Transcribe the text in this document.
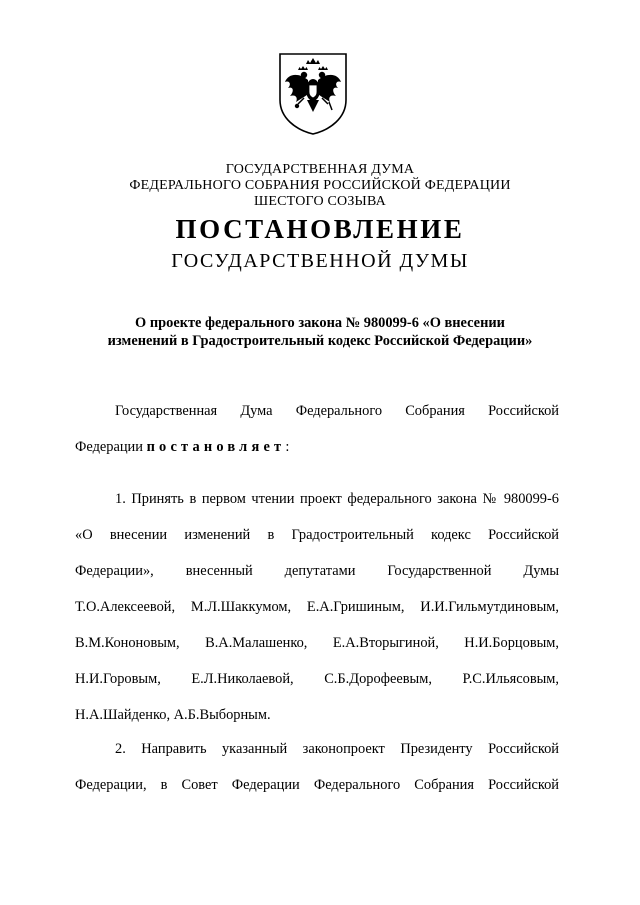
ГОСУДАРСТВЕННАЯ ДУМА
ФЕДЕРАЛЬНОГО СОБРАНИЯ РОССИЙСКОЙ ФЕДЕРАЦИИ
ШЕСТОГО СОЗЫВА
ПОСТАНОВЛЕНИЕ
ГОСУДАРСТВЕННОЙ ДУМЫ
О проекте федерального закона № 980099-6 «О внесении
изменений в Градостроительный кодекс Российской Федерации»
Государственная Дума Федерального Собрания Российской
Федерации постановляет:
1. Принять в первом чтении проект федерального закона № 980099-6
«О внесении изменений в Градостроительный кодекс Российской
Федерации», внесенный депутатами Государственной Думы
Т.О.Алексеевой, М.Л.Шаккумом, Е.А.Гришиным, И.И.Гильмутдиновым,
В.М.Кононовым, В.А.Малашенко, Е.А.Вторыгиной, Н.И.Борцовым,
Н.И.Горовым, Е.Л.Николаевой, С.Б.Дорофеевым, Р.С.Ильясовым,
Н.А.Шайденко, А.Б.Выборным.
2. Направить указанный законопроект Президенту Российской
Федерации, в Совет Федерации Федерального Собрания Российской
